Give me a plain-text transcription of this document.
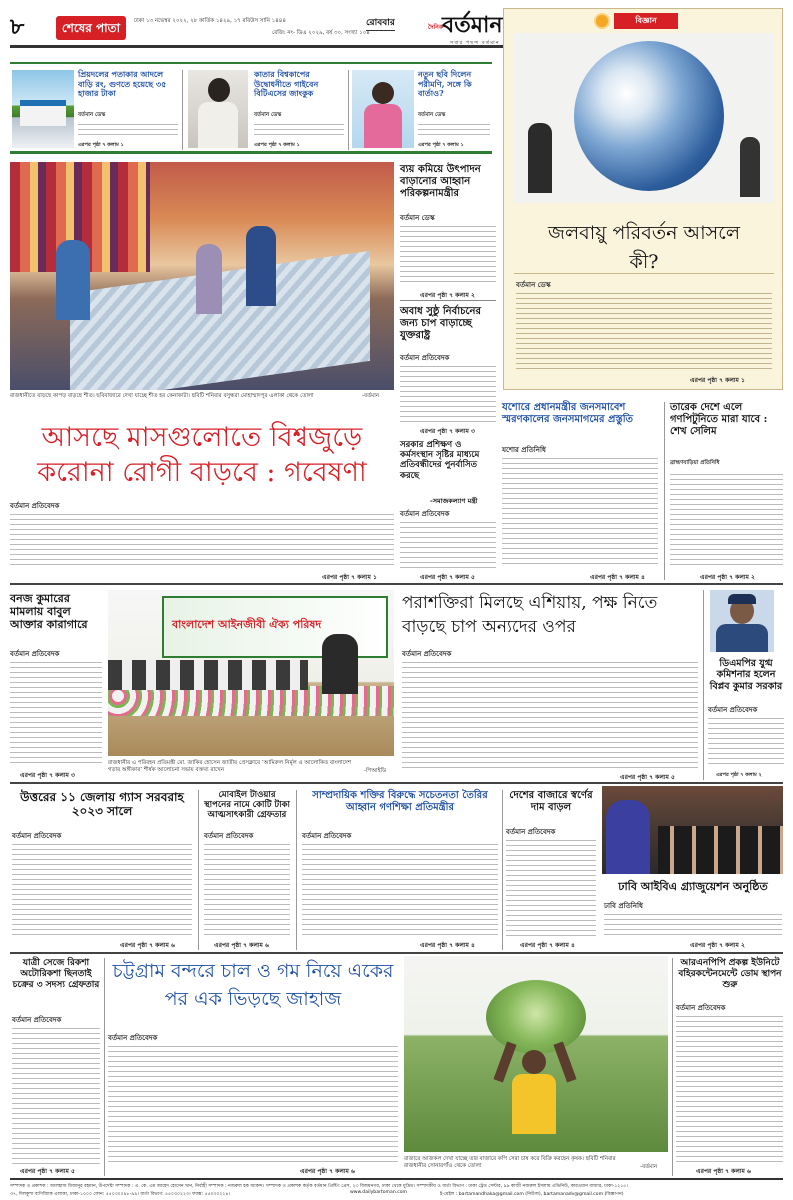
৮	শেষের পাতা	ঢাকা ১৩ নভেম্বর ২০২২, ২৮ কার্তিক ১৪২৯, ১৭ রবিউস সানি ১৪৪৪
রেজি: নং- ডিএ ২০২৯, বর্ষ ৩০, সংখ্যা ১০৪
রোববার	দৈনিক
বর্তমান
সবার পছন্দ বর্তমান
প্রিয়দলের পতাকার আদলে বাড়ি রং, গুণতে হয়েছে ৩৫ হাজার টাকা
বর্তমান ডেস্ক
এরপর পৃষ্ঠা ৭ কলাম ১
কাতার বিশ্বকাপের উদ্বোধনীতে গাইবেন বিটিএসের জাংকুক
বর্তমান ডেস্ক
এরপর পৃষ্ঠা ৭ কলাম ১
নতুন ছবি দিলেন পরীমণি, সঙ্গে কি বার্তাও?
বর্তমান ডেস্ক
এরপর পৃষ্ঠা ৭ কলাম ১
বিজ্ঞান
জলবায়ু পরিবর্তন আসলে কী?
বর্তমান ডেস্ক
এরপর পৃষ্ঠা ৭ কলাম ১
রাজধানীতে বাড়ছে কাপড় বাড়ছে শীত। ছবিবাজারে দেখা যাচ্ছে শীত হর কেনাকাটা। ছবিটি শনিবার বসুন্ধরা মোহাম্মাদপুর এলাকা থেকে তোলা	-বর্তমান
ব্যয় কমিয়ে উৎপাদন বাড়ানোর আহ্বান পরিকল্পনামন্ত্রীর
বর্তমান ডেস্ক
এরপর পৃষ্ঠা ৭ কলাম ২
অবাধ সুষ্ঠু নির্বাচনের জন্য চাপ বাড়াচ্ছে যুক্তরাষ্ট্র
বর্তমান প্রতিবেদক
এরপর পৃষ্ঠা ৭ কলাম ৩
আসছে মাসগুলোতে বিশ্বজুড়ে করোনা রোগী বাড়বে : গবেষণা
বর্তমান প্রতিবেদক
এরপর পৃষ্ঠা ৭ কলাম ১
সরকার প্রশিক্ষণ ও কর্মসংস্থান সৃষ্টির মাধ্যমে প্রতিবন্ধীদের পুনর্বাসিত করছে
-সমাজকল্যাণ মন্ত্রী
বর্তমান প্রতিবেদক
এরপর পৃষ্ঠা ৭ কলাম ৫
যশোরে প্রধানমন্ত্রীর জনসমাবেশ স্মরণকালের জনসমাগমের প্রস্তুতি
যশোর প্রতিনিধি
এরপর পৃষ্ঠা ৭ কলাম ৪
তারেক দেশে এলে গণপিটুনিতে মারা যাবে : শেখ সেলিম
ব্রাহ্মণবাড়িয়া প্রতিনিধি
এরপর পৃষ্ঠা ৭ কলাম ২
বনজ কুমারের মামলায় বাবুল আক্তার কারাগারে
বর্তমান প্রতিবেদক
এরপর পৃষ্ঠা ৭ কলাম ৩
বাংলাদেশ আইনজীবী ঐক্য পরিষদ
রাজধানীর এ পরিবহন প্রতিমন্ত্রী মো. জাকির হোসেন জাতীয় প্রেসক্লাবে ‘আমিরুল নির্মূল ও আলোকিত বাংলাদেশ গড়ার অঙ্গীকার’ শীর্ষক আলোচনা সভায় বক্তব্য রাখেন	-পিআইডি
পরাশক্তিরা মিলছে এশিয়ায়, পক্ষ নিতে বাড়ছে চাপ অন্যদের ওপর
বর্তমান প্রতিবেদক
এরপর পৃষ্ঠা ৭ কলাম ৫
ডিএমপির যুগ্ম কমিশনার হলেন বিপ্লব কুমার সরকার
বর্তমান প্রতিবেদক
এরপর পৃষ্ঠা ৭ কলাম ২
উত্তরের ১১ জেলায় গ্যাস সরবরাহ ২০২৩ সালে
বর্তমান প্রতিবেদক
এরপর পৃষ্ঠা ৭ কলাম ৬
মোবাইল টাওয়ার স্থাপনের নামে কোটি টাকা আত্মসাৎকারী গ্রেফতার
বর্তমান প্রতিবেদক
এরপর পৃষ্ঠা ৭ কলাম ৬
সাম্প্রদায়িক শক্তির বিরুদ্ধে সচেতনতা তৈরির আহ্বান গণশিক্ষা প্রতিমন্ত্রীর
বর্তমান প্রতিবেদক
এরপর পৃষ্ঠা ৭ কলাম ৪
দেশের বাজারে স্বর্ণের দাম বাড়ল
বর্তমান প্রতিবেদক
এরপর পৃষ্ঠা ৭ কলাম ৪
ঢাবি আইবিএ গ্র্যাজুয়েশন অনুষ্ঠিত
ঢাবি প্রতিনিধি
এরপর পৃষ্ঠা ৭ কলাম ২
যাত্রী সেজে রিকশা অটোরিকশা ছিনতাই চক্রের ৩ সদস্য গ্রেফতার
বর্তমান প্রতিবেদক
এরপর পৃষ্ঠা ৭ কলাম ৫
চট্টগ্রাম বন্দরে চাল ও গম নিয়ে একের পর এক ভিড়ছে জাহাজ
বর্তমান প্রতিবেদক
এরপর পৃষ্ঠা ৭ কলাম ৬
বাজারে আজকল দেখা যাচ্ছে তার বাজারে কপি সেরা চাষ করে বিক্রি করছেন কৃষক। ছবিটি শনিবার রাজধানীর সোনারগাঁও থেকে তোলা	-বর্তমান
আরএনপিপি প্রকল্প ইউনিটে বহিরকন্টেনমেন্টে ডোম স্থাপন শুরু
বর্তমান প্রতিবেদক
এরপর পৃষ্ঠা ৭ কলাম ৬
সম্পাদক ও প্রকাশক : আলহাজ মিজানুর রহমান, উপদেষ্টা সম্পাদক : এ. কে. এম জাহেদ হোসেন খান, নির্বাহী সম্পাদক : নজরুল হক আকন্দ। সম্পাদক ও প্রকাশক কর্তৃক বর্তমান প্রিন্টিং প্রেস, ২৩ বিজয়নগর, ঢাকা থেকে মুদ্রিত। সম্পাদকীয় ও বার্তা বিভাগ : ঢাকা ট্রেড সেন্টার, ৯৯ কাজী নজরুল ইসলাম এভিনিউ, কারওয়ান বাজার, ঢাকা-১২১৫।
৩৭, দিলকুশা বাণিজ্যিক এলাকা, ঢাকা-১০০০ ফোন: ৫৫০৩০০৯৮-৯৯। বার্তা বিভাগ: ৫৫০৩০২২৩। ফ্যাক্স: ৫৫০৩০২২৪।	www.dailybartoman.com	ই-মেইল : bartamandhaka@gmail.com (নিউজ), bartamanadv@gmail.com (বিজ্ঞাপন)
